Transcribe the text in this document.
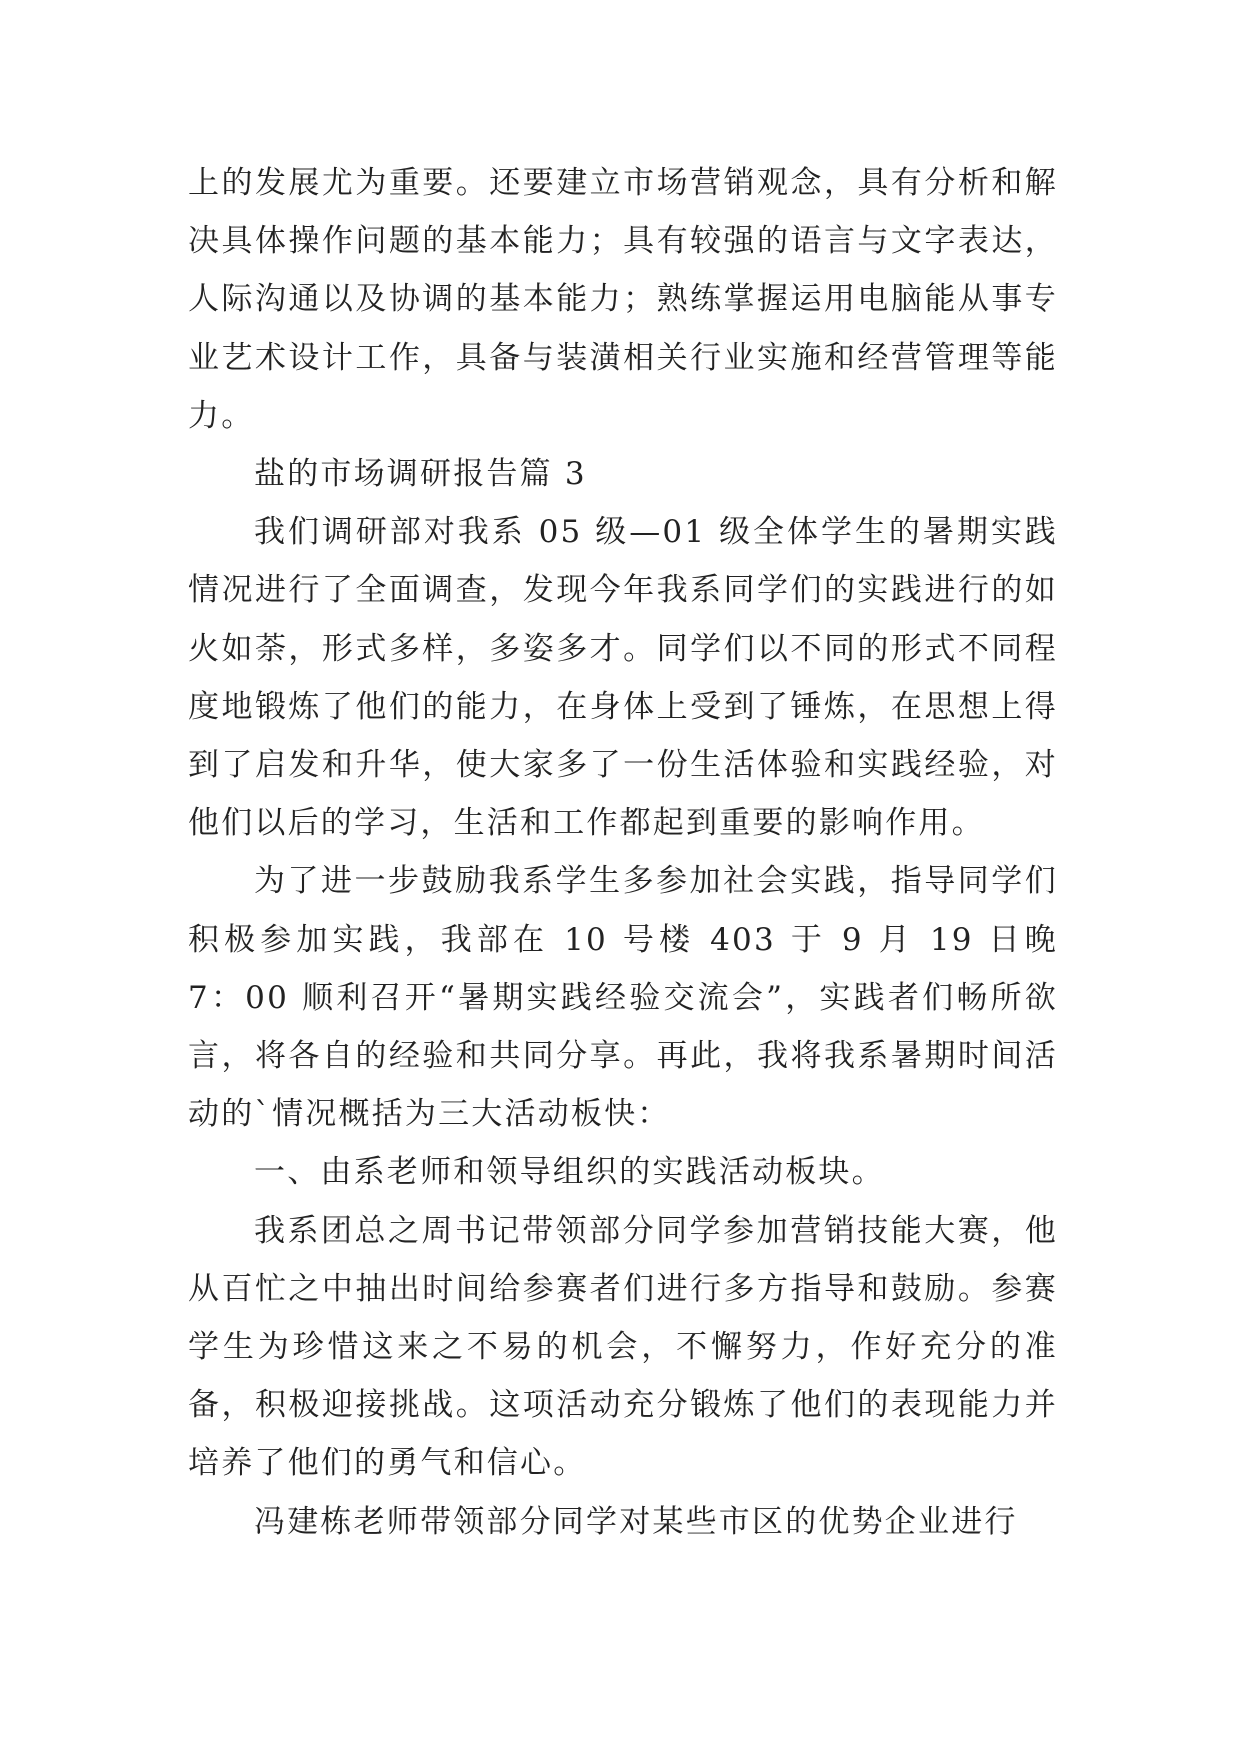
上的发展尤为重要。还要建立市场营销观念，具有分析和解决具体操作问题的基本能力；具有较强的语言与文字表达，人际沟通以及协调的基本能力；熟练掌握运用电脑能从事专业艺术设计工作，具备与装潢相关行业实施和经营管理等能力。

盐的市场调研报告篇 3

我们调研部对我系 05 级—01 级全体学生的暑期实践情况进行了全面调查，发现今年我系同学们的实践进行的如火如荼，形式多样，多姿多才。同学们以不同的形式不同程度地锻炼了他们的能力，在身体上受到了锤炼，在思想上得到了启发和升华，使大家多了一份生活体验和实践经验，对他们以后的学习，生活和工作都起到重要的影响作用。

为了进一步鼓励我系学生多参加社会实践，指导同学们积极参加实践，我部在 10 号楼 403 于 9 月 19 日晚 7：00 顺利召开“暑期实践经验交流会”，实践者们畅所欲言，将各自的经验和共同分享。再此，我将我系暑期时间活动的`情况概括为三大活动板快：

一、由系老师和领导组织的实践活动板块。

我系团总之周书记带领部分同学参加营销技能大赛，他从百忙之中抽出时间给参赛者们进行多方指导和鼓励。参赛学生为珍惜这来之不易的机会，不懈努力，作好充分的准备，积极迎接挑战。这项活动充分锻炼了他们的表现能力并培养了他们的勇气和信心。

冯建栋老师带领部分同学对某些市区的优势企业进行
